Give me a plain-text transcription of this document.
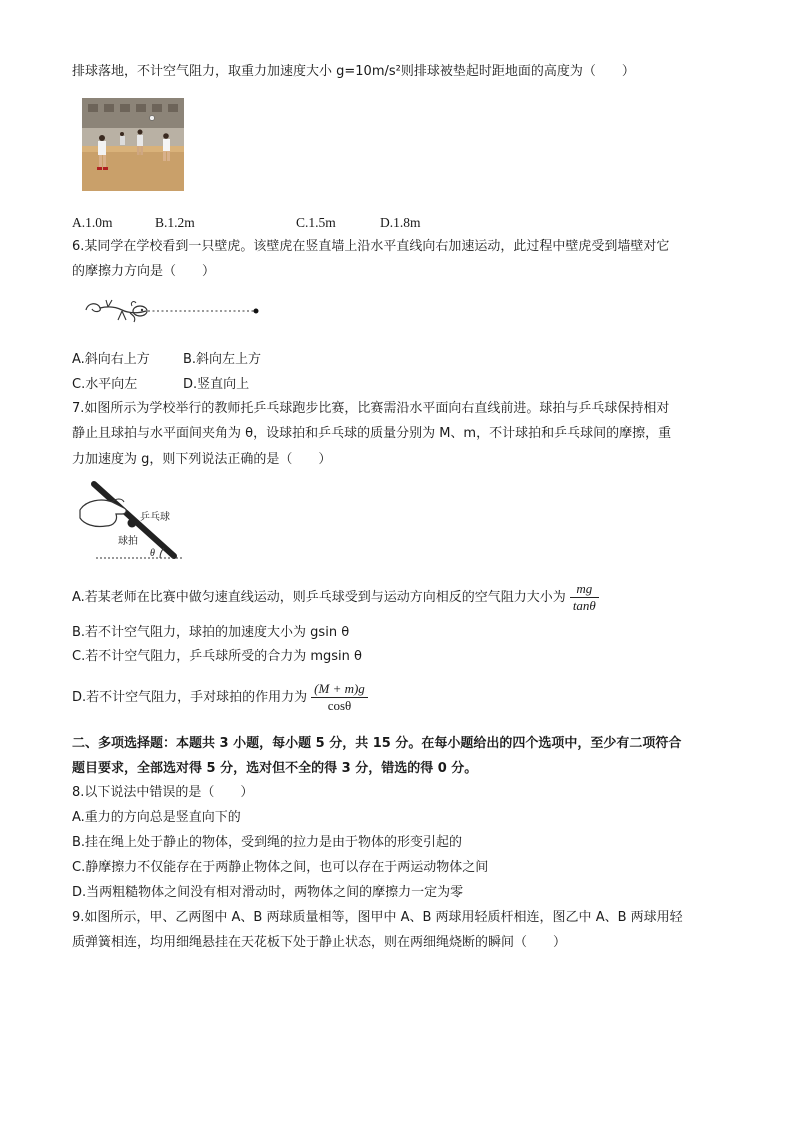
排球落地，不计空气阻力，取重力加速度大小 g=10m/s²则排球被垫起时距地面的高度为（　　）
A.1.0m	B.1.2m	C.1.5m	D.1.8m
6.某同学在学校看到一只壁虎。该壁虎在竖直墙上沿水平直线向右加速运动，此过程中壁虎受到墙壁对它
的摩擦力方向是（　　）
A.斜向右上方	B.斜向左上方
C.水平向左	D.竖直向上
7.如图所示为学校举行的教师托乒乓球跑步比赛，比赛需沿水平面向右直线前进。球拍与乒乓球保持相对
静止且球拍与水平面间夹角为 θ，设球拍和乒乓球的质量分别为 M、m，不计球拍和乒乓球间的摩擦，重
力加速度为 g，则下列说法正确的是（　　）
乒乓球
球拍
θ
A.若某老师在比赛中做匀速直线运动，则乒乓球受到与运动方向相反的空气阻力大小为 $\frac{mg}{\tan\theta}$
B.若不计空气阻力，球拍的加速度大小为 gsin θ
C.若不计空气阻力，乒乓球所受的合力为 mgsin θ
D.若不计空气阻力，手对球拍的作用力为 $\frac{(M + m)g}{\cos\theta}$
二、多项选择题：本题共 3 小题，每小题 5 分，共 15 分。在每小题给出的四个选项中，至少有二项符合
题目要求，全部选对得 5 分，选对但不全的得 3 分，错选的得 0 分。
8.以下说法中错误的是（　　）
A.重力的方向总是竖直向下的
B.挂在绳上处于静止的物体，受到绳的拉力是由于物体的形变引起的
C.静摩擦力不仅能存在于两静止物体之间，也可以存在于两运动物体之间
D.当两粗糙物体之间没有相对滑动时，两物体之间的摩擦力一定为零
9.如图所示，甲、乙两图中 A、B 两球质量相等，图甲中 A、B 两球用轻质杆相连，图乙中 A、B 两球用轻
质弹簧相连，均用细绳悬挂在天花板下处于静止状态，则在两细绳烧断的瞬间（　　）
